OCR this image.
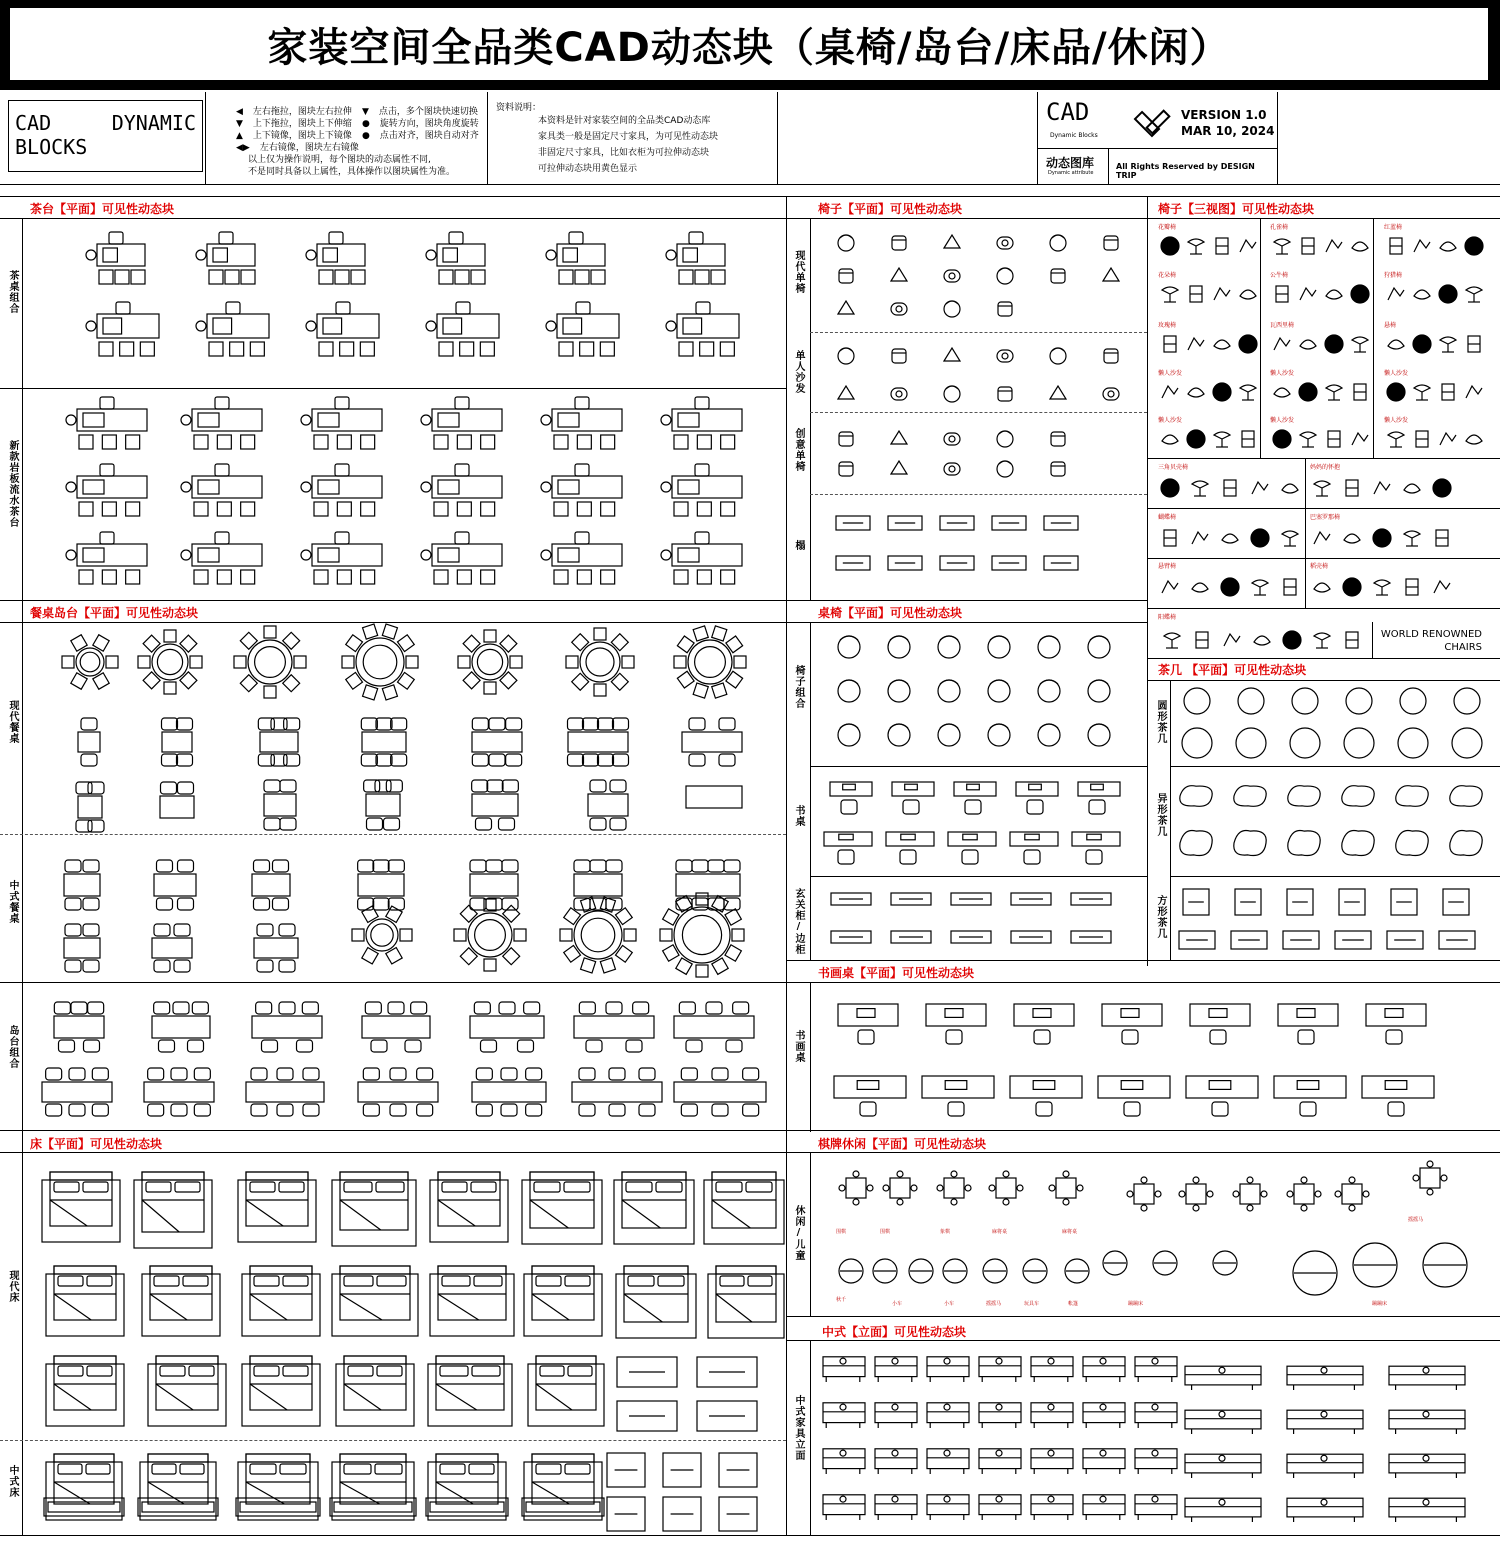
家装空间全品类CAD动态块（桌椅/岛台/床品/休闲）
CAD	DYNAMIC
BLOCKS
◀ 左右拖拉，图块左右拉伸 ▼ 点击，多个图块快速切换
▼ 上下拖拉，图块上下伸缩 ● 旋转方向，图块角度旋转
▲ 上下镜像，图块上下镜像 ● 点击对齐，图块自动对齐
◀▶ 左右镜像，图块左右镜像
以上仅为操作说明，每个图块的动态属性不同,
不是同时具备以上属性，具体操作以图块属性为准。
资料说明：
本资料是针对家装空间的全品类CAD动态库
家具类一般是固定尺寸家具，为可见性动态块
非固定尺寸家具，比如衣柜为可拉伸动态块
可拉伸动态块用黄色显示
CAD
Dynamic Blocks
VERSION 1.0
MAR 10, 2024
动态图库
Dynamic attribute
All Rights Reserved by DESIGN TRIP
茶台【平面】可见性动态块	椅子【平面】可见性动态块	椅子【三视图】可见性动态块
餐桌岛台【平面】可见性动态块	桌椅【平面】可见性动态块
茶几 【平面】可见性动态块
书画桌【平面】可见性动态块
床【平面】可见性动态块	棋牌休闲【平面】可见性动态块
中式【立面】可见性动态块
茶桌组合
新款岩板流水茶台
现代单椅
单人沙发
创意单椅
榻
现代餐桌
中式餐桌
岛台组合
椅子组合
书桌
玄关柜/边柜
圆形茶几
异形茶几
方形茶几
书画桌
休闲/儿童
现代床
中式床
中式家具立面
WORLD RENOWNED
CHAIRS
花瓣椅	孔雀椅	红蓝椅
花朵椅	公牛椅	狩猎椅
玫瑰椅	瓦西里椅	悬椅
懒人沙发	懒人沙发	懒人沙发
懒人沙发	懒人沙发	懒人沙发
三角贝壳椅	妈妈的怀抱
蝴蝶椅	巴塞罗那椅
悬臂椅	稻壳椅
阳蝶椅
围棋	围棋	象棋	麻将桌	麻将桌
摇摇马
秋千
小车	小车	摇摇马	玩具车	帐篷	蹦蹦床	蹦蹦床
